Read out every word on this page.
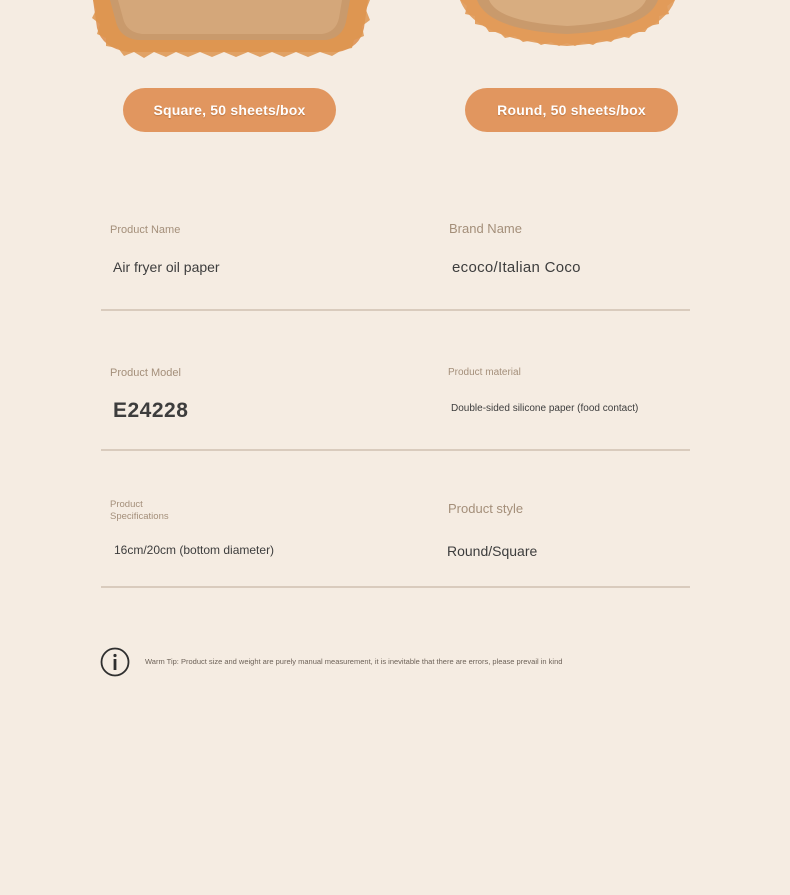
Square, 50 sheets/box	Round, 50 sheets/box
Product Name
Air fryer oil paper
Brand Name
ecoco/Italian Coco
Product Model
E24228
Product material
Double-sided silicone paper (food contact)
Product Specifications
16cm/20cm (bottom diameter)
Product style
Round/Square
Warm Tip: Product size and weight are purely manual measurement, it is inevitable that there are errors, please prevail in kind
